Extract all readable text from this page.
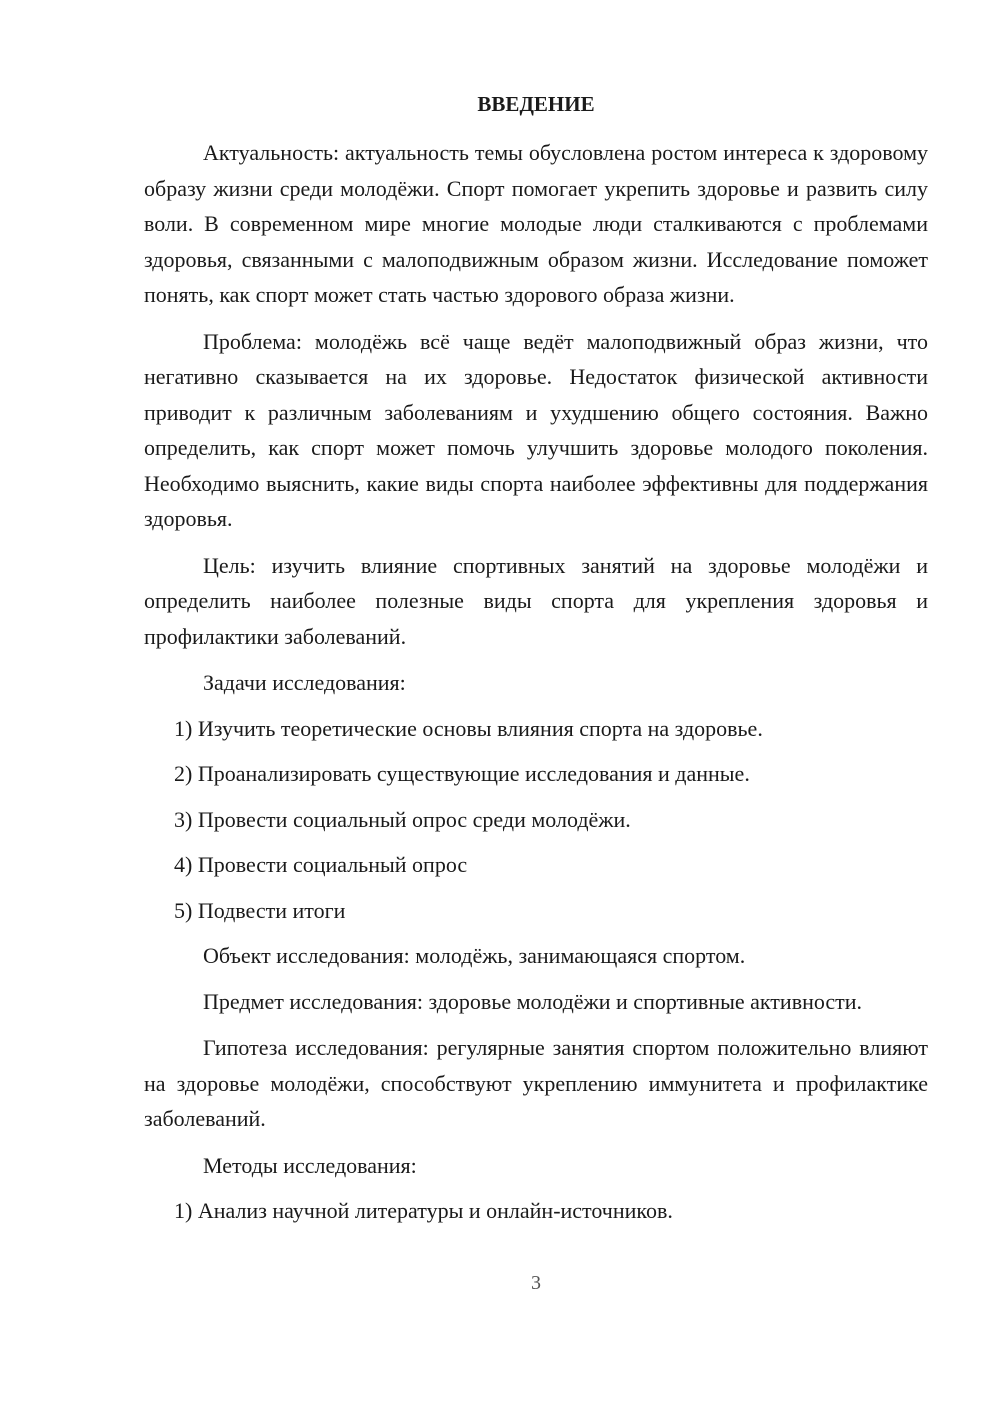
ВВЕДЕНИЕ

Актуальность: актуальность темы обусловлена ростом интереса к здоровому образу жизни среди молодёжи. Спорт помогает укрепить здоровье и развить силу воли. В современном мире многие молодые люди сталкиваются с проблемами здоровья, связанными с малоподвижным образом жизни. Исследование поможет понять, как спорт может стать частью здорового образа жизни.

Проблема: молодёжь всё чаще ведёт малоподвижный образ жизни, что негативно сказывается на их здоровье. Недостаток физической активности приводит к различным заболеваниям и ухудшению общего состояния. Важно определить, как спорт может помочь улучшить здоровье молодого поколения. Необходимо выяснить, какие виды спорта наиболее эффективны для поддержания здоровья.

Цель: изучить влияние спортивных занятий на здоровье молодёжи и определить наиболее полезные виды спорта для укрепления здоровья и профилактики заболеваний.

Задачи исследования:

1) Изучить теоретические основы влияния спорта на здоровье.

2) Проанализировать существующие исследования и данные.

3) Провести социальный опрос среди молодёжи.

4) Провести социальный опрос

5) Подвести итоги

Объект исследования: молодёжь, занимающаяся спортом.

Предмет исследования: здоровье молодёжи и спортивные активности.

Гипотеза исследования: регулярные занятия спортом положительно влияют на здоровье молодёжи, способствуют укреплению иммунитета и профилактике заболеваний.

Методы исследования:

1) Анализ научной литературы и онлайн-источников.

3
